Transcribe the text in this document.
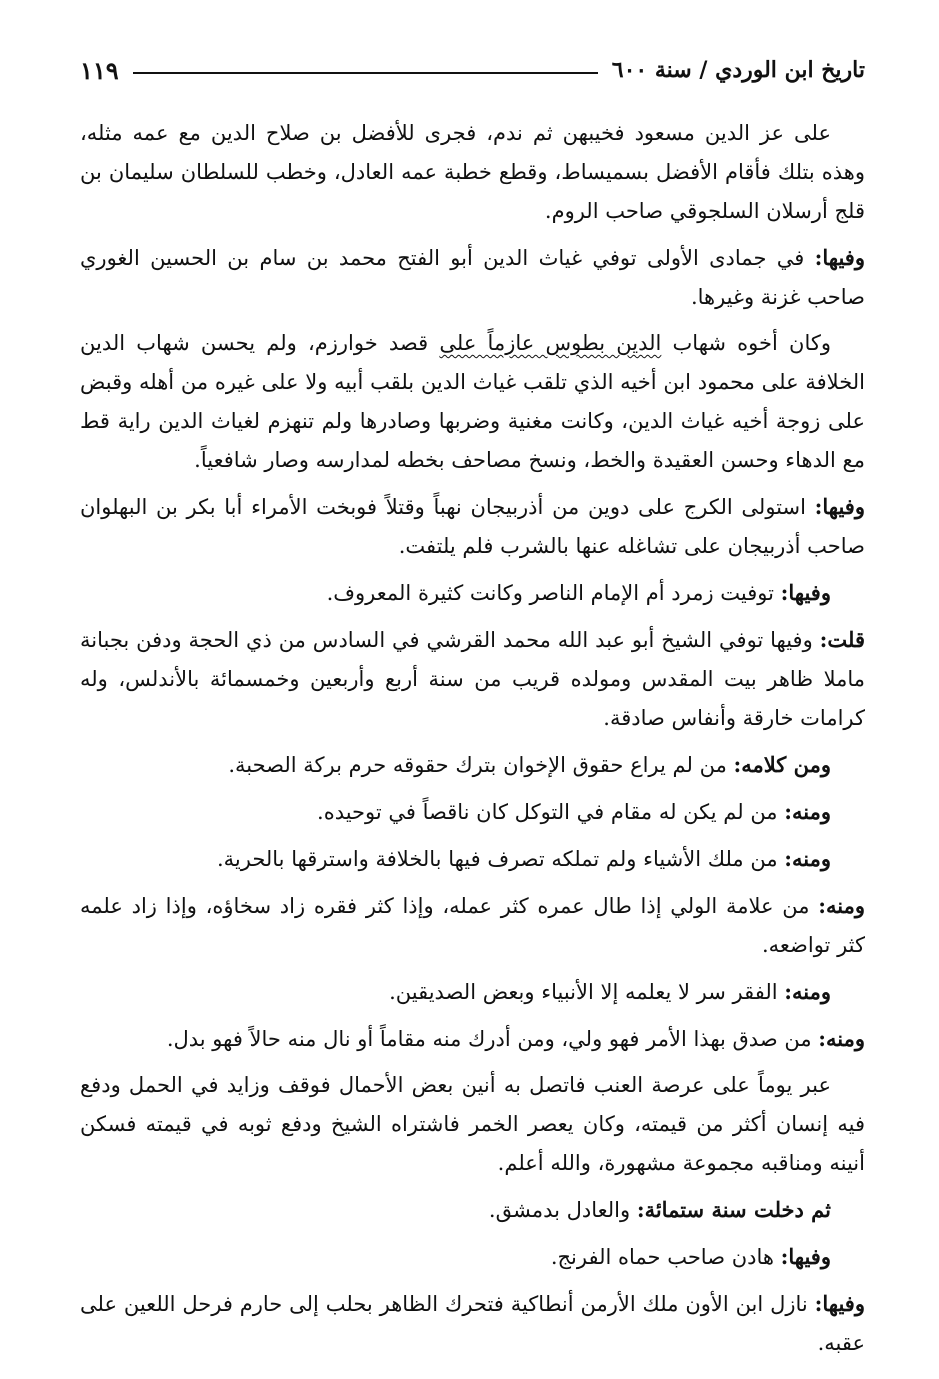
تاريخ ابن الوردي / سنة ٦٠٠
١١٩

على عز الدين مسعود فخيبهن ثم ندم، فجرى للأفضل بن صلاح الدين مع عمه مثله، وهذه بتلك فأقام الأفضل بسميساط، وقطع خطبة عمه العادل، وخطب للسلطان سليمان بن قلج أرسلان السلجوقي صاحب الروم.

وفيها: في جمادى الأولى توفي غياث الدين أبو الفتح محمد بن سام بن الحسين الغوري صاحب غزنة وغيرها.

وكان أخوه شهاب الدين بطوس عازماً على قصد خوارزم، ولم يحسن شهاب الدين الخلافة على محمود ابن أخيه الذي تلقب غياث الدين بلقب أبيه ولا على غيره من أهله وقبض على زوجة أخيه غياث الدين، وكانت مغنية وضربها وصادرها ولم تنهزم لغياث الدين راية قط مع الدهاء وحسن العقيدة والخط، ونسخ مصاحف بخطه لمدارسه وصار شافعياً.

وفيها: استولى الكرج على دوين من أذربيجان نهباً وقتلاً فوبخت الأمراء أبا بكر بن البهلوان صاحب أذربيجان على تشاغله عنها بالشرب فلم يلتفت.

وفيها: توفيت زمرد أم الإمام الناصر وكانت كثيرة المعروف.

قلت: وفيها توفي الشيخ أبو عبد الله محمد القرشي في السادس من ذي الحجة ودفن بجبانة ماملا ظاهر بيت المقدس ومولده قريب من سنة أربع وأربعين وخمسمائة بالأندلس، وله كرامات خارقة وأنفاس صادقة.

ومن كلامه: من لم يراع حقوق الإخوان بترك حقوقه حرم بركة الصحبة.

ومنه: من لم يكن له مقام في التوكل كان ناقصاً في توحيده.

ومنه: من ملك الأشياء ولم تملكه تصرف فيها بالخلافة واسترقها بالحرية.

ومنه: من علامة الولي إذا طال عمره كثر عمله، وإذا كثر فقره زاد سخاؤه، وإذا زاد علمه كثر تواضعه.

ومنه: الفقر سر لا يعلمه إلا الأنبياء وبعض الصديقين.

ومنه: من صدق بهذا الأمر فهو ولي، ومن أدرك منه مقاماً أو نال منه حالاً فهو بدل.

عبر يوماً على عرصة العنب فاتصل به أنين بعض الأحمال فوقف وزايد في الحمل ودفع فيه إنسان أكثر من قيمته، وكان يعصر الخمر فاشتراه الشيخ ودفع ثوبه في قيمته فسكن أنينه ومناقبه مجموعة مشهورة، والله أعلم.

ثم دخلت سنة ستمائة: والعادل بدمشق.

وفيها: هادن صاحب حماه الفرنج.

وفيها: نازل ابن الأون ملك الأرمن أنطاكية فتحرك الظاهر بحلب إلى حارم فرحل اللعين على عقبه.
